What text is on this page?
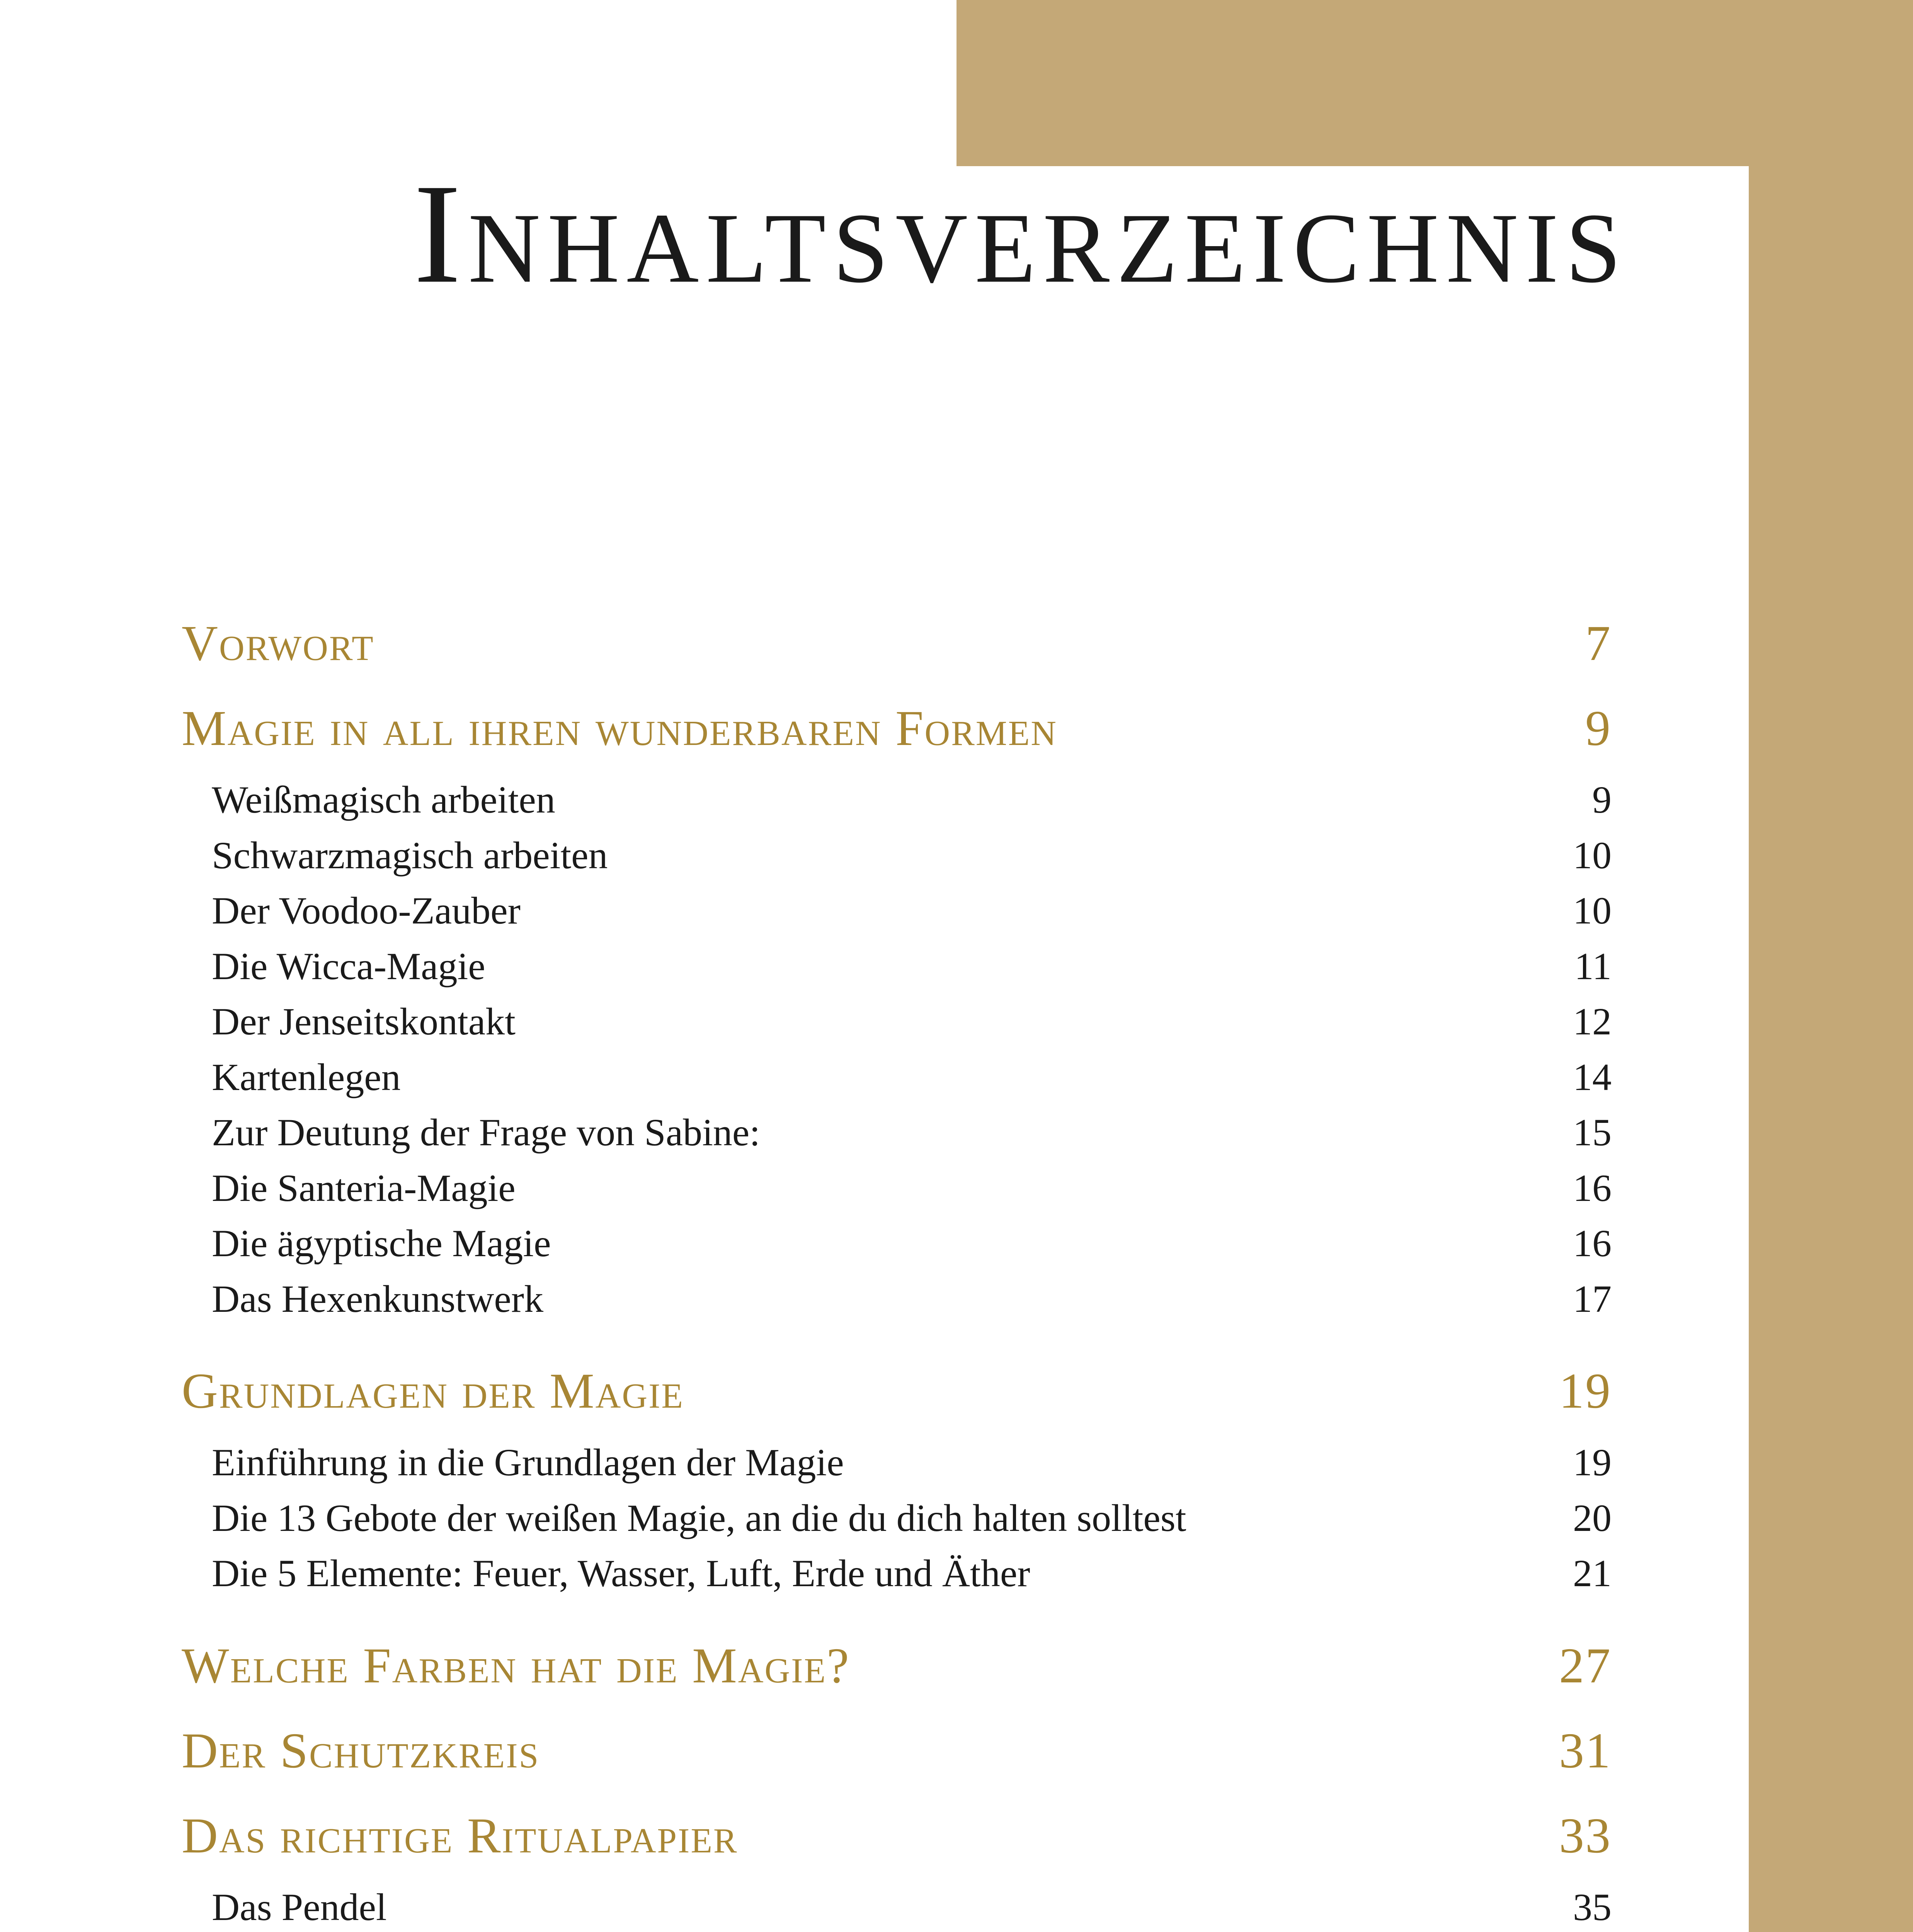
Inhaltsverzeichnis
Vorwort	7
Magie in all ihren wunderbaren Formen	9
Weißmagisch arbeiten	9
Schwarzmagisch arbeiten	10
Der Voodoo-Zauber	10
Die Wicca-Magie	11
Der Jenseitskontakt	12
Kartenlegen	14
Zur Deutung der Frage von Sabine:	15
Die Santeria-Magie	16
Die ägyptische Magie	16
Das Hexenkunstwerk	17
Grundlagen der Magie	19
Einführung in die Grundlagen der Magie	19
Die 13 Gebote der weißen Magie, an die du dich halten solltest	20
Die 5 Elemente: Feuer, Wasser, Luft, Erde und Äther	21
Welche Farben hat die Magie?	27
Der Schutzkreis	31
Das richtige Ritualpapier	33
Das Pendel	35
